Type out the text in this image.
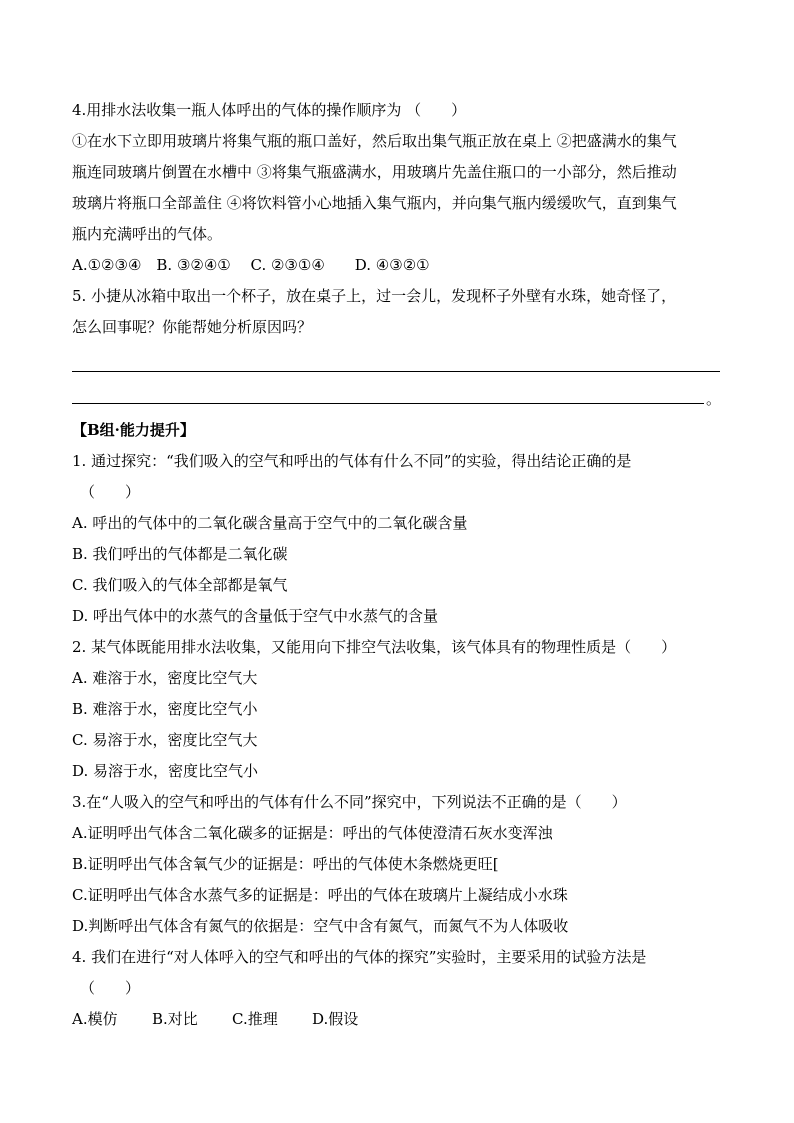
4.用排水法收集一瓶人体呼出的气体的操作顺序为 （　　）
①在水下立即用玻璃片将集气瓶的瓶口盖好，然后取出集气瓶正放在桌上 ②把盛满水的集气
瓶连同玻璃片倒置在水槽中 ③将集气瓶盛满水，用玻璃片先盖住瓶口的一小部分，然后推动
玻璃片将瓶口全部盖住 ④将饮料管小心地插入集气瓶内，并向集气瓶内缓缓吹气，直到集气
瓶内充满呼出的气体。
A.①②③④　B. ③②④①　 C. ②③①④　　D. ④③②①
5. 小捷从冰箱中取出一个杯子，放在桌子上，过一会儿，发现杯子外壁有水珠，她奇怪了，
怎么回事呢？你能帮她分析原因吗？
。
【B组·能力提升】
1. 通过探究：“我们吸入的空气和呼出的气体有什么不同”的实验，得出结论正确的是
（　　）
A. 呼出的气体中的二氧化碳含量高于空气中的二氧化碳含量
B. 我们呼出的气体都是二氧化碳
C. 我们吸入的气体全部都是氧气
D. 呼出气体中的水蒸气的含量低于空气中水蒸气的含量
2. 某气体既能用排水法收集，又能用向下排空气法收集，该气体具有的物理性质是（　　）
A. 难溶于水，密度比空气大
B. 难溶于水，密度比空气小
C. 易溶于水，密度比空气大
D. 易溶于水，密度比空气小
3.在“人吸入的空气和呼出的气体有什么不同”探究中，下列说法不正确的是（　　）
A.证明呼出气体含二氧化碳多的证据是：呼出的气体使澄清石灰水变浑浊
B.证明呼出气体含氧气少的证据是：呼出的气体使木条燃烧更旺[
C.证明呼出气体含水蒸气多的证据是：呼出的气体在玻璃片上凝结成小水珠
D.判断呼出气体含有氮气的依据是：空气中含有氮气，而氮气不为人体吸收
4. 我们在进行“对人体呼入的空气和呼出的气体的探究”实验时，主要采用的试验方法是
（　　）
A.模仿 B.对比 C.推理 D.假设
